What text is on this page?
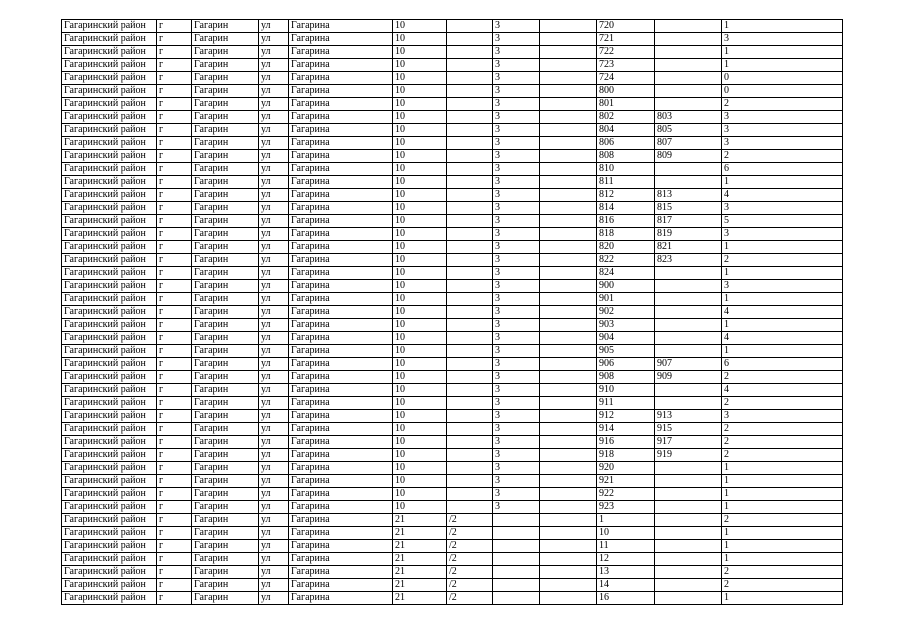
Гагаринский район	г	Гагарин	ул	Гагарина	10		3		720		1
Гагаринский район	г	Гагарин	ул	Гагарина	10		3		721		3
Гагаринский район	г	Гагарин	ул	Гагарина	10		3		722		1
Гагаринский район	г	Гагарин	ул	Гагарина	10		3		723		1
Гагаринский район	г	Гагарин	ул	Гагарина	10		3		724		0
Гагаринский район	г	Гагарин	ул	Гагарина	10		3		800		0
Гагаринский район	г	Гагарин	ул	Гагарина	10		3		801		2
Гагаринский район	г	Гагарин	ул	Гагарина	10		3		802	803	3
Гагаринский район	г	Гагарин	ул	Гагарина	10		3		804	805	3
Гагаринский район	г	Гагарин	ул	Гагарина	10		3		806	807	3
Гагаринский район	г	Гагарин	ул	Гагарина	10		3		808	809	2
Гагаринский район	г	Гагарин	ул	Гагарина	10		3		810		6
Гагаринский район	г	Гагарин	ул	Гагарина	10		3		811		1
Гагаринский район	г	Гагарин	ул	Гагарина	10		3		812	813	4
Гагаринский район	г	Гагарин	ул	Гагарина	10		3		814	815	3
Гагаринский район	г	Гагарин	ул	Гагарина	10		3		816	817	5
Гагаринский район	г	Гагарин	ул	Гагарина	10		3		818	819	3
Гагаринский район	г	Гагарин	ул	Гагарина	10		3		820	821	1
Гагаринский район	г	Гагарин	ул	Гагарина	10		3		822	823	2
Гагаринский район	г	Гагарин	ул	Гагарина	10		3		824		1
Гагаринский район	г	Гагарин	ул	Гагарина	10		3		900		3
Гагаринский район	г	Гагарин	ул	Гагарина	10		3		901		1
Гагаринский район	г	Гагарин	ул	Гагарина	10		3		902		4
Гагаринский район	г	Гагарин	ул	Гагарина	10		3		903		1
Гагаринский район	г	Гагарин	ул	Гагарина	10		3		904		4
Гагаринский район	г	Гагарин	ул	Гагарина	10		3		905		1
Гагаринский район	г	Гагарин	ул	Гагарина	10		3		906	907	6
Гагаринский район	г	Гагарин	ул	Гагарина	10		3		908	909	2
Гагаринский район	г	Гагарин	ул	Гагарина	10		3		910		4
Гагаринский район	г	Гагарин	ул	Гагарина	10		3		911		2
Гагаринский район	г	Гагарин	ул	Гагарина	10		3		912	913	3
Гагаринский район	г	Гагарин	ул	Гагарина	10		3		914	915	2
Гагаринский район	г	Гагарин	ул	Гагарина	10		3		916	917	2
Гагаринский район	г	Гагарин	ул	Гагарина	10		3		918	919	2
Гагаринский район	г	Гагарин	ул	Гагарина	10		3		920		1
Гагаринский район	г	Гагарин	ул	Гагарина	10		3		921		1
Гагаринский район	г	Гагарин	ул	Гагарина	10		3		922		1
Гагаринский район	г	Гагарин	ул	Гагарина	10		3		923		1
Гагаринский район	г	Гагарин	ул	Гагарина	21	/2			1		2
Гагаринский район	г	Гагарин	ул	Гагарина	21	/2			10		1
Гагаринский район	г	Гагарин	ул	Гагарина	21	/2			11		1
Гагаринский район	г	Гагарин	ул	Гагарина	21	/2			12		1
Гагаринский район	г	Гагарин	ул	Гагарина	21	/2			13		2
Гагаринский район	г	Гагарин	ул	Гагарина	21	/2			14		2
Гагаринский район	г	Гагарин	ул	Гагарина	21	/2			16		1
